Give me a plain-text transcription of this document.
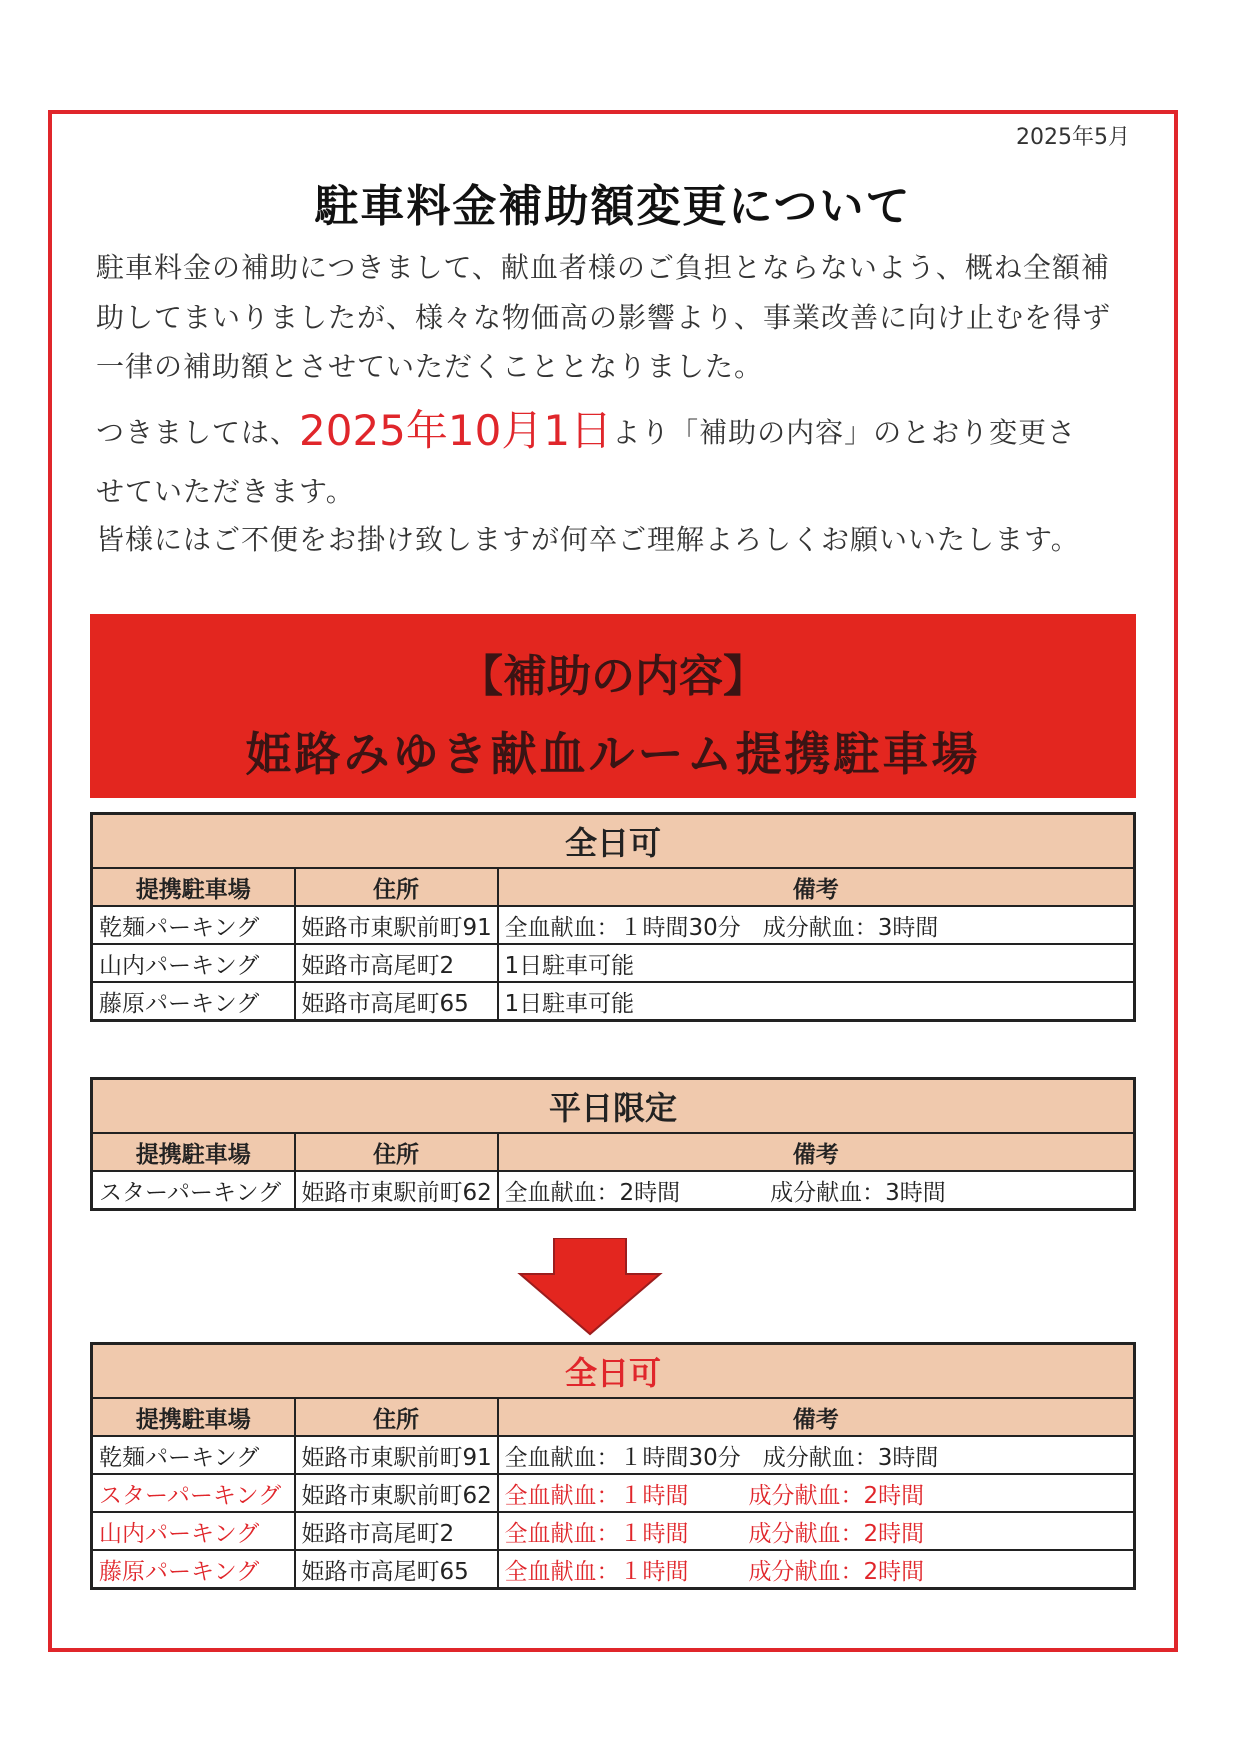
2025年5月
駐車料金補助額変更について
駐車料金の補助につきまして、献血者様のご負担とならないよう、概ね全額補
助してまいりましたが、様々な物価高の影響より、事業改善に向け止むを得ず
一律の補助額とさせていただくこととなりました。
つきましては、2025年10月1日より「補助の内容」のとおり変更さ
せていただきます。
皆様にはご不便をお掛け致しますが何卒ご理解よろしくお願いいたします。
【補助の内容】
姫路みゆき献血ルーム提携駐車場
全日可		
提携駐車場	住所	備考
乾麺パーキング	姫路市東駅前町91	全血献血：１時間30分 成分献血：3時間
山内パーキング	姫路市高尾町2	1日駐車可能
藤原パーキング	姫路市高尾町65	1日駐車可能
平日限定		
提携駐車場	住所	備考
スターパーキング	姫路市東駅前町62	全血献血：2時間 成分献血：3時間
全日可		
提携駐車場	住所	備考
乾麺パーキング	姫路市東駅前町91	全血献血：１時間30分 成分献血：3時間
スターパーキング	姫路市東駅前町62	全血献血：１時間 成分献血：2時間
山内パーキング	姫路市高尾町2	全血献血：１時間 成分献血：2時間
藤原パーキング	姫路市高尾町65	全血献血：１時間 成分献血：2時間
